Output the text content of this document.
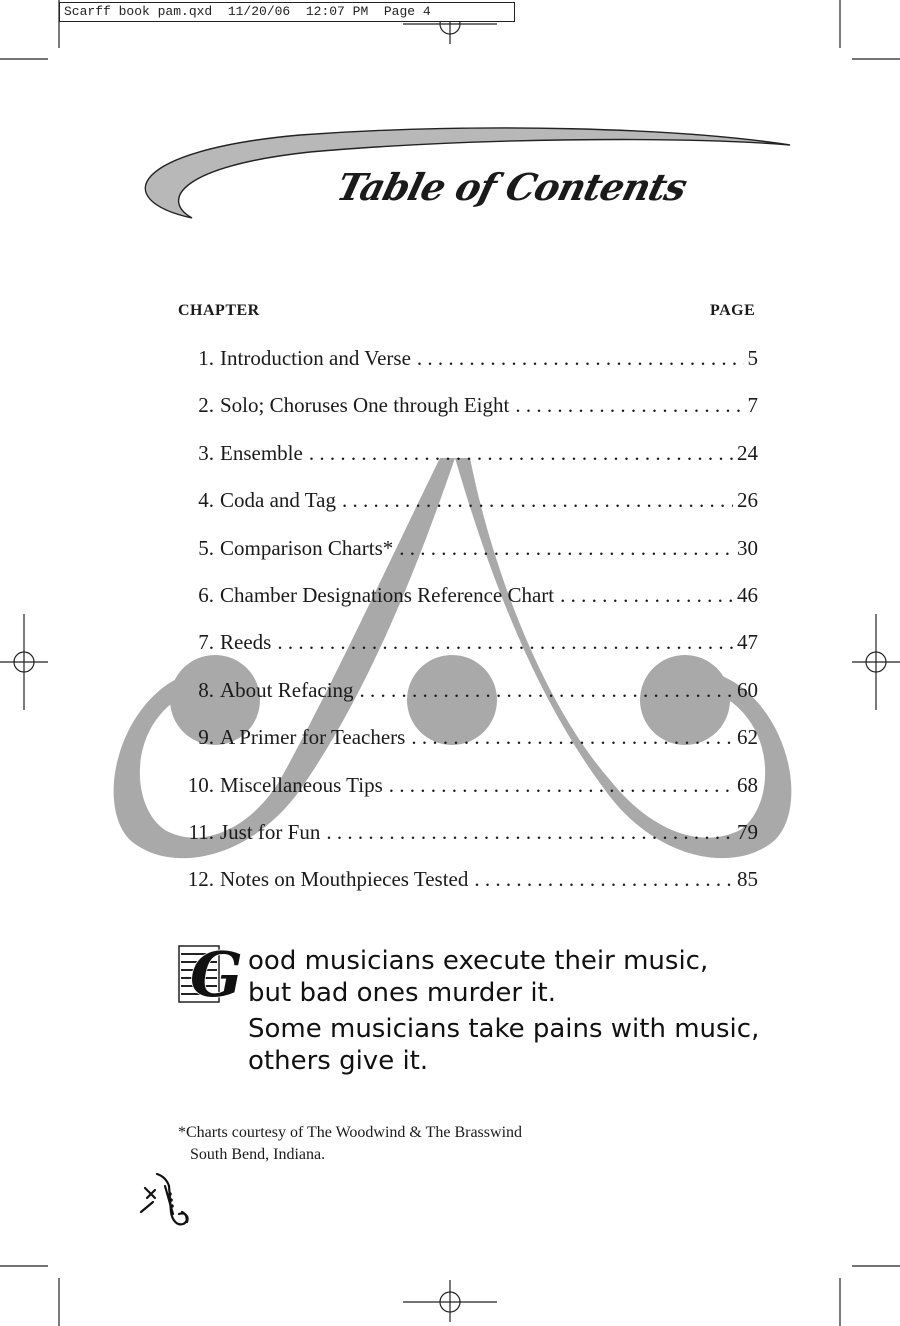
Scarff book pam.qxd  11/20/06  12:07 PM  Page 4
Table of Contents
CHAPTER	PAGE
1. Introduction and Verse . . .	5
2. Solo; Choruses One through Eight . . .	7
3. Ensemble . . .	24
4. Coda and Tag . . .	26
5. Comparison Charts* . . .	30
6. Chamber Designations Reference Chart . . .	46
7. Reeds . . .	47
8. About Refacing . . .	60
9. A Primer for Teachers . . .	62
10. Miscellaneous Tips . . .	68
11. Just for Fun . . .	79
12. Notes on Mouthpieces Tested . . .	85
G ood musicians execute their music,

but bad ones murder it.

Some musicians take pains with music,

others give it.

*Charts courtesy of The Woodwind & The Brasswind
South Bend, Indiana.
